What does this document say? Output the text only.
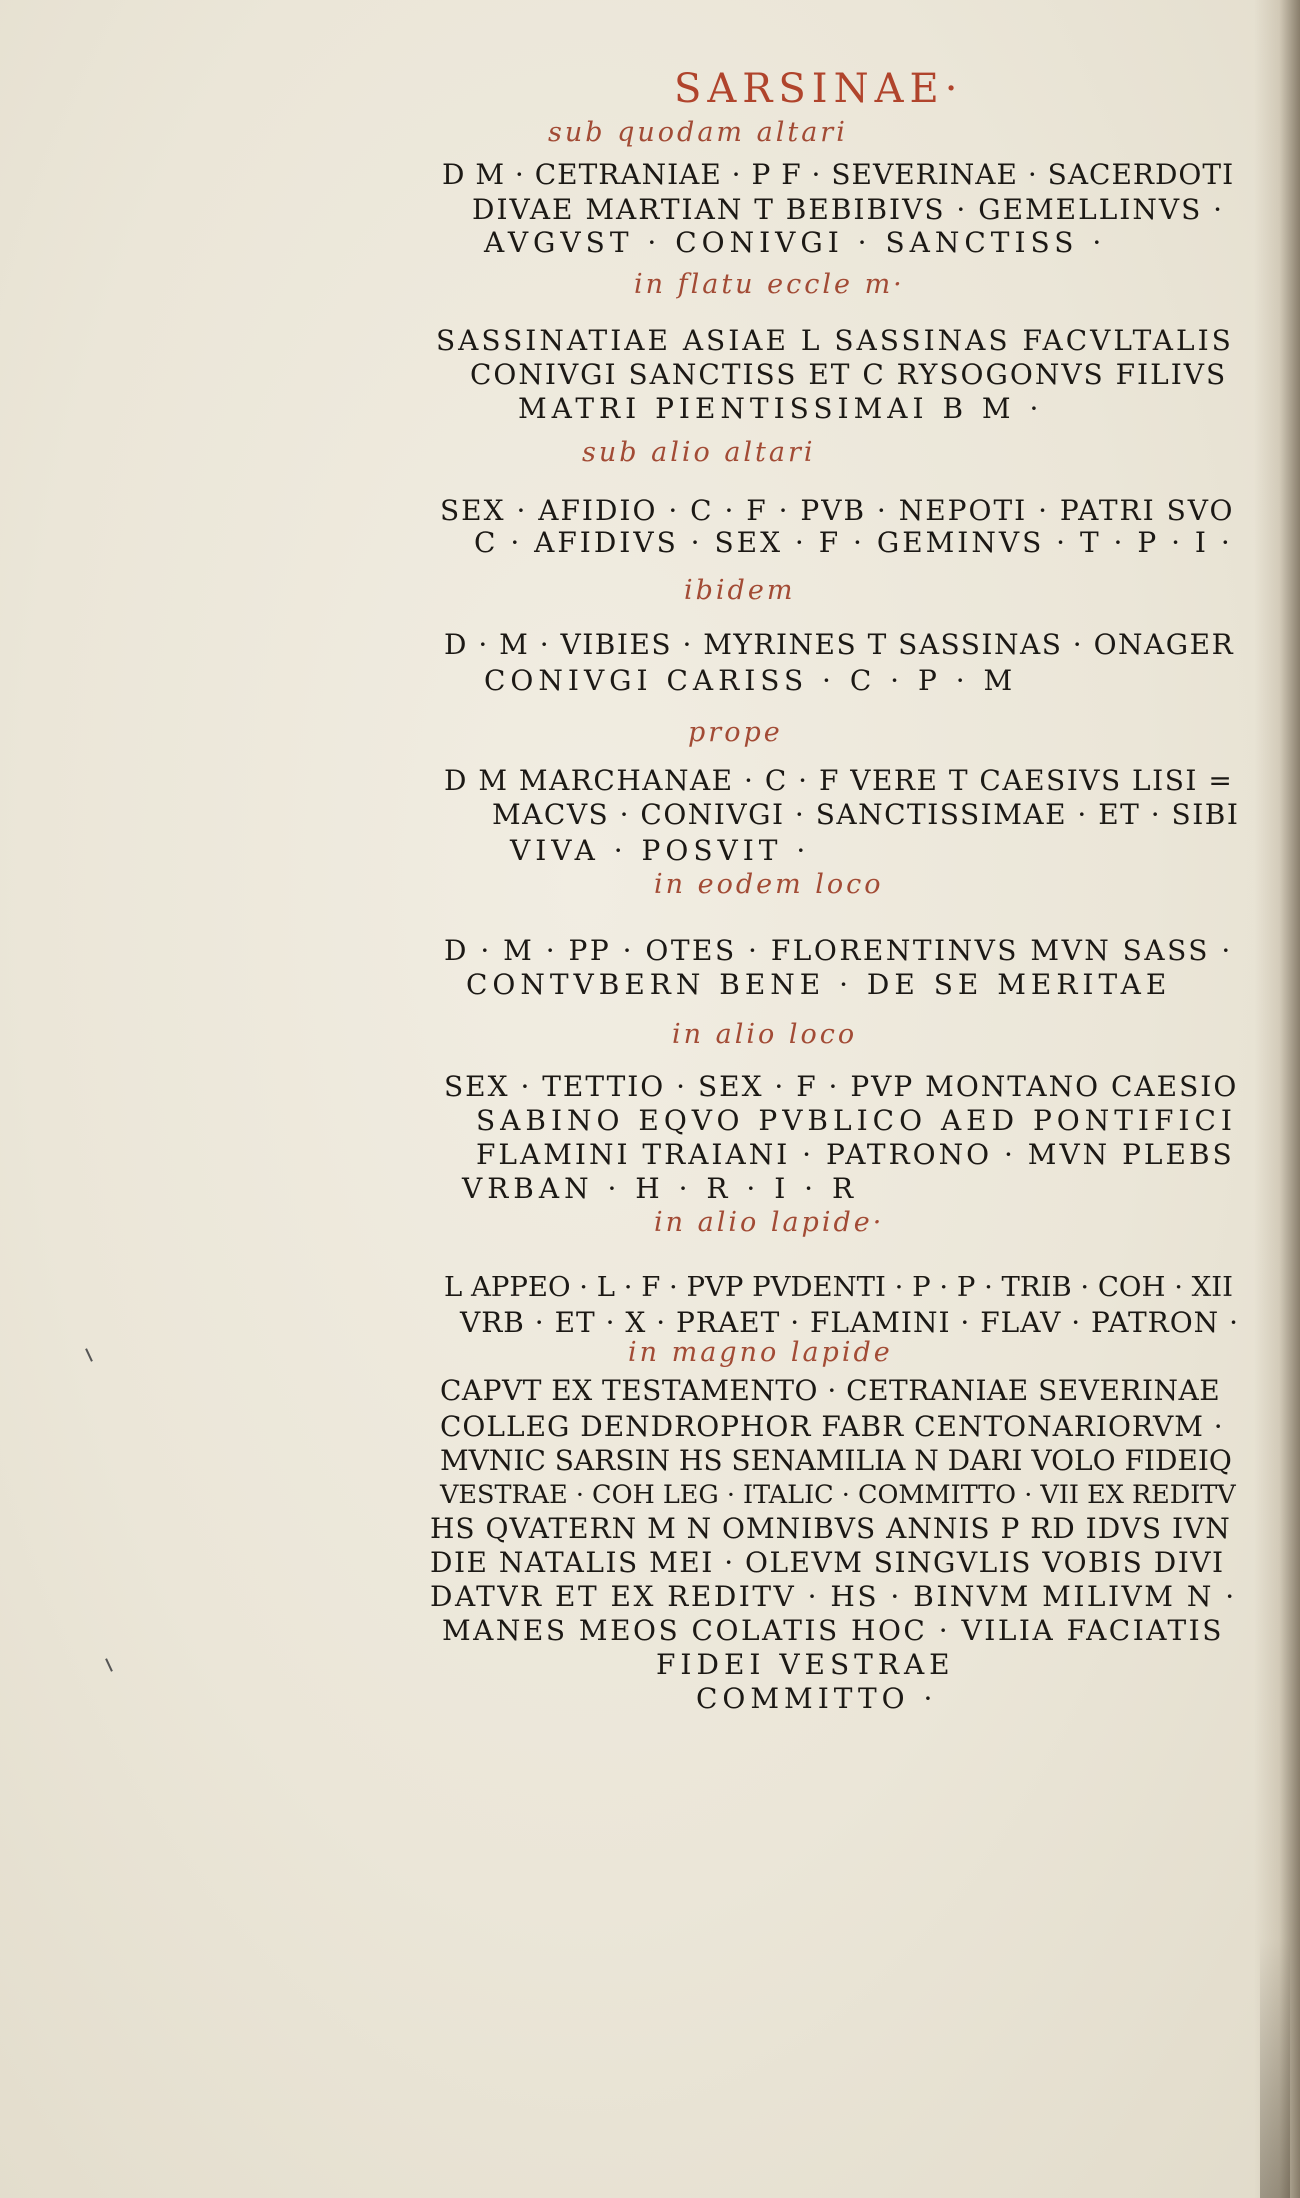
SARSINAE·
sub quodam altari
D M · CETRANIAE · P F · SEVERINAE · SACERDOTI
DIVAE MARTIAN T BEBIBIVS · GEMELLINVS ·
AVGVST · CONIVGI · SANCTISS ·
in flatu eccle m·
SASSINATIAE ASIAE L SASSINAS FACVLTALIS
CONIVGI SANCTISS ET C RYSOGONVS FILIVS
MATRI PIENTISSIMAI B M ·
sub alio altari
SEX · AFIDIO · C · F · PVB · NEPOTI · PATRI SVO
C · AFIDIVS · SEX · F · GEMINVS · T · P · I ·
ibidem
D · M · VIBIES · MYRINES T SASSINAS · ONAGER
CONIVGI CARISS · C · P · M
prope
D M MARCHANAE · C · F VERE T CAESIVS LISI =
MACVS · CONIVGI · SANCTISSIMAE · ET · SIBI
VIVA · POSVIT ·
in eodem loco
D · M · PP · OTES · FLORENTINVS MVN SASS ·
CONTVBERN BENE · DE SE MERITAE
in alio loco
SEX · TETTIO · SEX · F · PVP MONTANO CAESIO
SABINO EQVO PVBLICO AED PONTIFICI
FLAMINI TRAIANI · PATRONO · MVN PLEBS
VRBAN · H · R · I · R
in alio lapide·
L APPEO · L · F · PVP PVDENTI · P · P · TRIB · COH · XII
VRB · ET · X · PRAET · FLAMINI · FLAV · PATRON ·
in magno lapide
CAPVT EX TESTAMENTO · CETRANIAE SEVERINAE
COLLEG DENDROPHOR FABR CENTONARIORVM ·
MVNIC SARSIN HS SENAMILIA N DARI VOLO FIDEIQ
VESTRAE · COH LEG · ITALIC · COMMITTO · VII EX REDITV
HS QVATERN M N OMNIBVS ANNIS P RD IDVS IVN
DIE NATALIS MEI · OLEVM SINGVLIS VOBIS DIVI
DATVR ET EX REDITV · HS · BINVM MILIVM N ·
MANES MEOS COLATIS HOC · VILIA FACIATIS
FIDEI VESTRAE
COMMITTO ·
